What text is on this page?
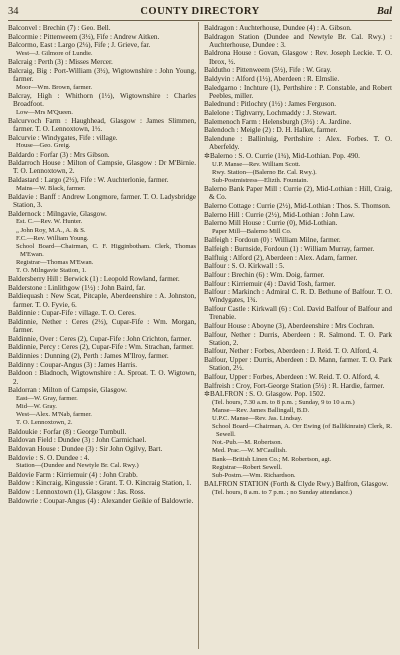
34	COUNTY DIRECTORY	Bal
Balconvel : Brechin (7) : Geo. Bell.
Balcormie : Pittenweem (3½), Fife : Andrew Aitken.
Balcormo, East : Largo (2¼), Fife ; J. Grieve, far.
West—J. Gilmore of Lundie.
Balcraig : Perth (3) : Misses Mercer.
Balcraig, Big : Port-William (3½), Wigtownshire : John Young, farmer.
Moor—Wm. Brown, farmer.
Balcray, High : Whithorn (1½), Wigtownshire : Charles Broadfoot.
Low—Mrs M'Queen.
Balcurvoch Farm : Haughhead, Glasgow : James Slimmen, farmer. T. O. Lennoxtown, 1½.
Balcurvie : Windygates, Fife : village.
House—Geo. Greig.
Baldardo : Forfar (3) : Mrs Gibson.
Baldarroch House : Milton of Campsie, Glasgow : Dr M'Birnie. T. O. Lennoxtown, 2.
Baldastard : Largo (2½), Fife : W. Auchterlonie, farmer.
Mains—W. Black, farmer.
Baldavie : Banff : Andrew Longmore, farmer. T. O. Ladysbridge Station, 3.
Baldernock : Milngavie, Glasgow.
Est. C.—Rev. W. Hunter.
„ John Roy, M.A., A. & S.
F.C.—Rev. William Young.
School Board—Chairman, C. F. Higginbotham. Clerk, Thomas M'Ewan.
Registrar—Thomas M'Ewan.
T. O. Milngavie Station, 1.
Baldersberry Hill : Berwick (1) : Leopold Rowland, farmer.
Balderstone : Linlithgow (1½) : John Baird, far.
Baldiequash : New Scat, Pitcaple, Aberdeenshire : A. Johnston, farmer. T. O. Fyvie, 6.
Baldinnie : Cupar-Fife : village. T. O. Ceres.
Baldinnie, Nether : Ceres (2½), Cupar-Fife : Wm. Morgan, farmer.
Baldinnie, Over : Ceres (2), Cupar-Fife : John Crichton, farmer.
Baldinnie, Percy : Ceres (2), Cupar-Fife : Wm. Strachan, farmer.
Baldinnies : Dunning (2), Perth : James M'Ilroy, farmer.
Baldinny : Coupar-Angus (3) : James Harris.
Baldoon : Bladnoch, Wigtownshire : A. Sproat. T. O. Wigtown, 2.
Baldorran : Milton of Campsie, Glasgow.
East—W. Gray, farmer.
Mid—W. Gray.
West—Alex. M'Nab, farmer.
T. O. Lennoxtown, 2.
Baldoukie : Forfar (8) : George Turnbull.
Baldovan Field : Dundee (3) : John Carmichael.
Baldovan House : Dundee (3) : Sir John Ogilvy, Bart.
Baldovie : S. O. Dundee : 4.
Station—(Dundee and Newtyle Br. Cal. Rwy.)
Baldovie Farm : Kirriemuir (4) : John Crabb.
Baldow : Kincraig, Kingussie : Grant. T. O. Kincraig Station, 1.
Baldow : Lennoxtown (1), Glasgow : Jas. Ross.
Baldowrie : Coupar-Angus (4) : Alexander Geikie of Baldowrie.
Baldragon : Auchterhouse, Dundee (4) : A. Gibson.
Baldragon Station (Dundee and Newtyle Br. Cal. Rwy.) : Auchterhouse, Dundee : 3.
Baldrona House : Govan, Glasgow : Rev. Joseph Leckie. T. O. Ibrox, ½.
Baldutho : Pittenweem (5½), Fife : W. Gray.
Baldyvin : Alford (1½), Aberdeen : R. Elmslie.
Baledgarno : Inchture (1), Perthshire : P. Constable, and Robert Peebles, miller.
Balednund : Pitlochry (1½) : James Ferguson.
Balelone : Tighvarry, Lochmaddy : J. Stewart.
Balemenoch Farm : Helensburgh (3½) : A. Jardine.
Balendoch : Meigle (2) : D. H. Halket, farmer.
Balendune : Ballinluig, Perthshire : Alex. Forbes. T. O. Aberfeldy.
✲Balerno : S. O. Currie (1¾), Mid-Lothian. Pop. 490.
U.P. Manse—Rev. William Scott.
Rwy. Station—(Balerno Br. Cal. Rwy.).
Sub-Postmistress—Elizth. Fountain.
Balerno Bank Paper Mill : Currie (2), Mid-Lothian : Hill, Craig, & Co.
Balerno Cottage : Currie (2½), Mid-Lothian : Thos. S. Thomson.
Balerno Hill : Currie (2½), Mid-Lothian : John Law.
Balerno Mill House : Currie (0), Mid-Lothian.
Paper Mill—Balerno Mill Co.
Balfeigh : Fordoun (0) : William Milne, farmer.
Balfeigh : Burnside, Fordoun (1) : William Murray, farmer.
Balfluig : Alford (2), Aberdeen : Alex. Adam, farmer.
Balfour : S. O. Kirkwall : 5.
Balfour : Brechin (6) : Wm. Doig, farmer.
Balfour : Kirriemuir (4) : David Tosh, farmer.
Balfour : Markinch : Admiral C. R. D. Bethune of Balfour. T. O. Windygates, 1¾.
Balfour Castle : Kirkwall (6) : Col. David Balfour of Balfour and Trenabie.
Balfour House : Aboyne (3), Aberdeenshire : Mrs Cochran.
Balfour, Nether : Durris, Aberdeen : R. Salmond. T. O. Park Station, 2.
Balfour, Nether : Forbes, Aberdeen : J. Reid. T. O. Alford, 4.
Balfour, Upper : Durris, Aberdeen : D. Mann, farmer. T. O. Park Station, 2½.
Balfour, Upper : Forbes, Aberdeen : W. Reid. T. O. Alford, 4.
Balfreish : Croy, Fort-George Station (5½) : R. Hardie, farmer.
✲BALFRON : S. O. Glasgow. Pop. 1502.
(Tel. hours, 7.30 a.m. to 8 p.m. ; Sunday, 9 to 10 a.m.)
Manse—Rev. James Ballingall, B.D.
U.P.C. Manse—Rev. Jas. Lindsay.
School Board—Chairman, A. Orr Ewing (of Ballikinrain) Clerk, R. Sewell.
Not.-Pub.—M. Robertson.
Med. Prac.—W. M'Caullish.
Bank—British Linen Co.; M. Robertson, agt.
Registrar—Robert Sewell.
Sub-Postm.—Wm. Richardson.
BALFRON STATION (Forth & Clyde Rwy.) Balfron, Glasgow.
(Tel. hours, 8 a.m. to 7 p.m. ; no Sunday attendance.)
